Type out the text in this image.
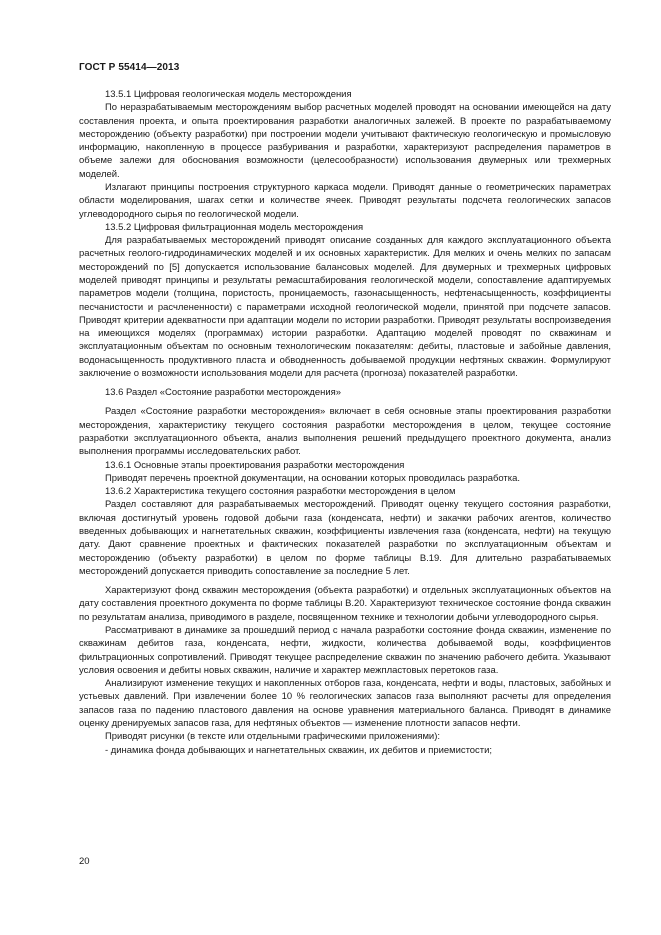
ГОСТ Р 55414—2013

13.5.1 Цифровая геологическая модель месторождения

По неразрабатываемым месторождениям выбор расчетных моделей проводят на основании имеющейся на дату составления проекта, и опыта проектирования разработки аналогичных залежей. В проекте по разрабатываемому месторождению (объекту разработки) при построении модели учитывают фактическую геологическую и промысловую информацию, накопленную в процессе разбуривания и разработки, характеризуют распределения параметров в объеме залежи для обоснования возможности (целесообразности) использования двумерных или трехмерных моделей.

Излагают принципы построения структурного каркаса модели. Приводят данные о геометрических параметрах области моделирования, шагах сетки и количестве ячеек. Приводят результаты подсчета геологических запасов углеводородного сырья по геологической модели.

13.5.2 Цифровая фильтрационная модель месторождения

Для разрабатываемых месторождений приводят описание созданных для каждого эксплуатационного объекта расчетных геолого-гидродинамических моделей и их основных характеристик. Для мелких и очень мелких по запасам месторождений по [5] допускается использование балансовых моделей. Для двумерных и трехмерных цифровых моделей приводят принципы и результаты ремасштабирования геологической модели, сопоставление адаптируемых параметров модели (толщина, пористость, проницаемость, газонасыщенность, нефтенасыщенность, коэффициенты песчанистости и расчлененности) с параметрами исходной геологической модели, принятой при подсчете запасов. Приводят критерии адекватности при адаптации модели по истории разработки. Приводят результаты воспроизведения на имеющихся моделях (программах) истории разработки. Адаптацию моделей проводят по скважинам и эксплуатационным объектам по основным технологическим показателям: дебиты, пластовые и забойные давления, водонасыщенность продуктивного пласта и обводненность добываемой продукции нефтяных скважин. Формулируют заключение о возможности использования модели для расчета (прогноза) показателей разработки.

13.6 Раздел «Состояние разработки месторождения»

Раздел «Состояние разработки месторождения» включает в себя основные этапы проектирования разработки месторождения, характеристику текущего состояния разработки месторождения в целом, текущее состояние разработки эксплуатационного объекта, анализ выполнения решений предыдущего проектного документа, анализ выполнения программы исследовательских работ.

13.6.1 Основные этапы проектирования разработки месторождения

Приводят перечень проектной документации, на основании которых проводилась разработка.

13.6.2 Характеристика текущего состояния разработки месторождения в целом

Раздел составляют для разрабатываемых месторождений. Приводят оценку текущего состояния разработки, включая достигнутый уровень годовой добычи газа (конденсата, нефти) и закачки рабочих агентов, количество введенных добывающих и нагнетательных скважин, коэффициенты извлечения газа (конденсата, нефти) на текущую дату. Дают сравнение проектных и фактических показателей разработки по эксплуатационным объектам и месторождению (объекту разработки) в целом по форме таблицы В.19. Для длительно разрабатываемых месторождений допускается приводить сопоставление за последние 5 лет.

Характеризуют фонд скважин месторождения (объекта разработки) и отдельных эксплуатационных объектов на дату составления проектного документа по форме таблицы В.20. Характеризуют техническое состояние фонда скважин по результатам анализа, приводимого в разделе, посвященном технике и технологии добычи углеводородного сырья.

Рассматривают в динамике за прошедший период с начала разработки состояние фонда скважин, изменение по скважинам дебитов газа, конденсата, нефти, жидкости, количества добываемой воды, коэффициентов фильтрационных сопротивлений. Приводят текущее распределение скважин по значению рабочего дебита. Указывают условия освоения и дебиты новых скважин, наличие и характер межпластовых перетоков газа.

Анализируют изменение текущих и накопленных отборов газа, конденсата, нефти и воды, пластовых, забойных и устьевых давлений. При извлечении более 10 % геологических запасов газа выполняют расчеты для определения запасов газа по падению пластового давления на основе уравнения материального баланса. Приводят в динамике оценку дренируемых запасов газа, для нефтяных объектов — изменение плотности запасов нефти.

Приводят рисунки (в тексте или отдельными графическими приложениями):

- динамика фонда добывающих и нагнетательных скважин, их дебитов и приемистости;

20
